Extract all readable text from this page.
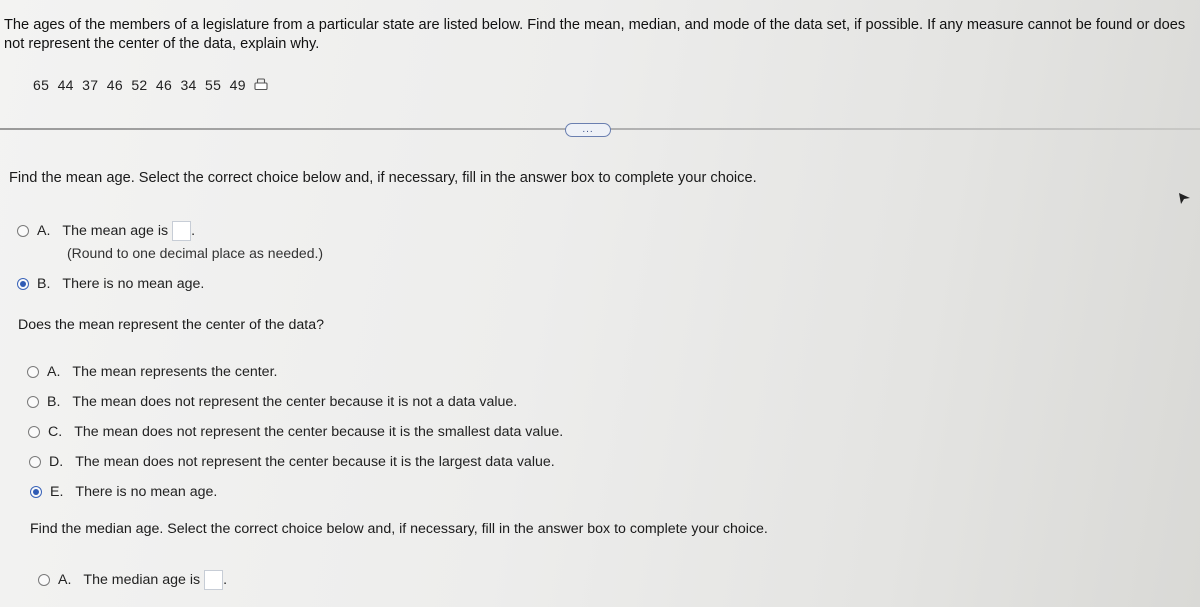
The ages of the members of a legislature from a particular state are listed below. Find the mean, median, and mode of the data set, if possible. If any measure cannot be found or does not represent the center of the data, explain why.
65
44
37
46
52
46
34
55
49
...
Find the mean age. Select the correct choice below and, if necessary, fill in the answer box to complete your choice.
A. The mean age is .
(Round to one decimal place as needed.)
B. There is no mean age.
Does the mean represent the center of the data?
A. The mean represents the center.
B. The mean does not represent the center because it is not a data value.
C. The mean does not represent the center because it is the smallest data value.
D. The mean does not represent the center because it is the largest data value.
E. There is no mean age.
Find the median age. Select the correct choice below and, if necessary, fill in the answer box to complete your choice.
A. The median age is .
